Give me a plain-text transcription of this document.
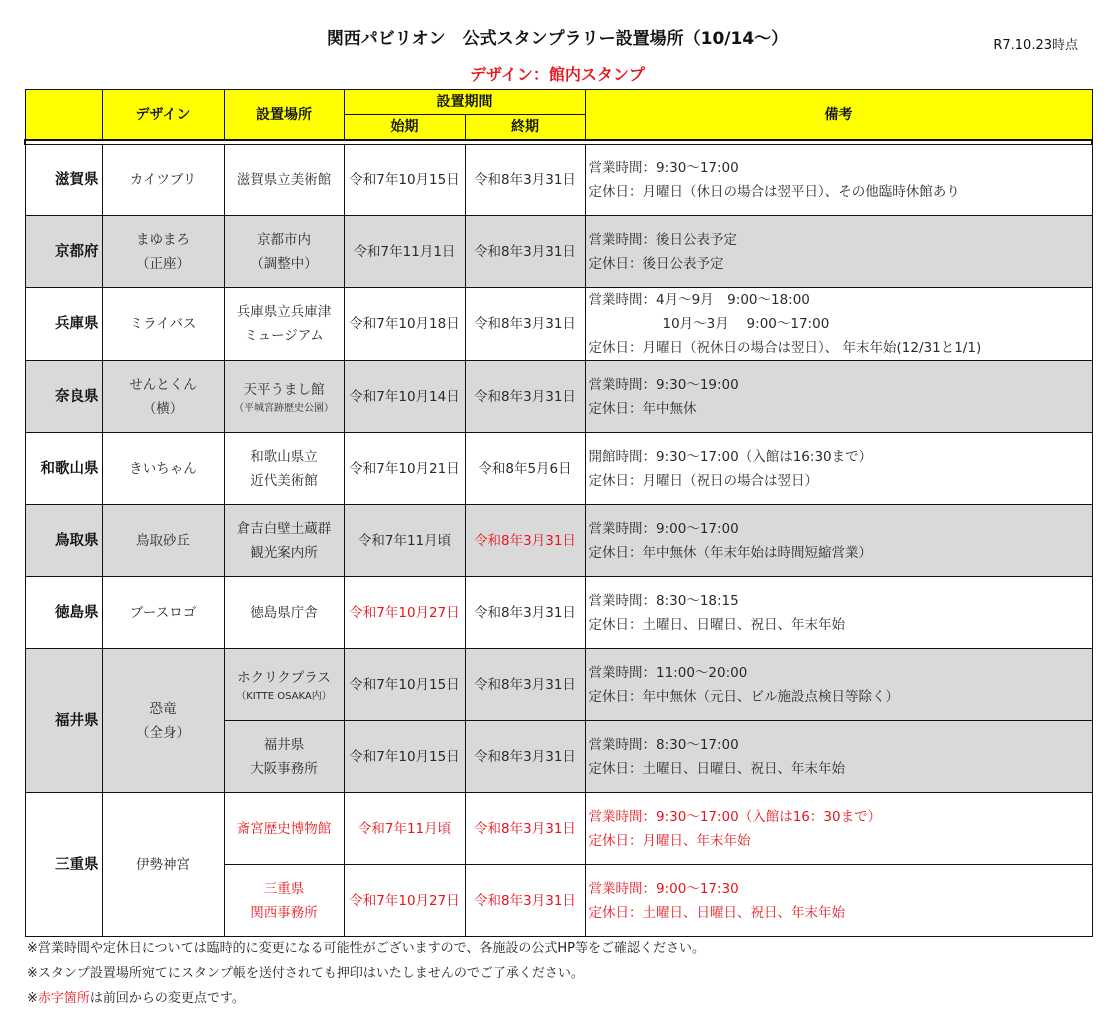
関西パビリオン　公式スタンプラリー設置場所（10/14～）	R7.10.23時点
デザイン：館内スタンプ
	デザイン	設置場所	設置期間		備考
			始期	終期	

滋賀県	カイツブリ	滋賀県立美術館	令和7年10月15日	令和8年3月31日	営業時間：9:30～17:00
定休日：月曜日（休日の場合は翌平日）、その他臨時休館あり

京都府	まゆまろ
（正座）	京都市内
（調整中）	令和7年11月1日	令和8年3月31日	営業時間：後日公表予定
定休日：後日公表予定

兵庫県	ミライバス	兵庫県立兵庫津
ミュージアム	令和7年10月18日	令和8年3月31日	営業時間：4月～9月　9:00～18:00
10月～3月　 9:00～17:00
定休日：月曜日（祝休日の場合は翌日）、 年末年始(12/31と1/1)

奈良県	せんとくん
（横）	天平うまし館
（平城宮跡歴史公園）	令和7年10月14日	令和8年3月31日	営業時間：9:30～19:00
定休日：年中無休

和歌山県	きいちゃん	和歌山県立
近代美術館	令和7年10月21日	令和8年5月6日	開館時間：9:30～17:00（入館は16:30まで）
定休日：月曜日（祝日の場合は翌日）

鳥取県	鳥取砂丘	倉吉白壁土蔵群
観光案内所	令和7年11月頃	令和8年3月31日	営業時間：9:00～17:00
定休日：年中無休（年末年始は時間短縮営業）

徳島県	ブースロゴ	徳島県庁舎	令和7年10月27日	令和8年3月31日	営業時間：8:30～18:15
定休日：土曜日、日曜日、祝日、年末年始

福井県	恐竜
（全身）	ホクリクプラス
（KITTE OSAKA内）	令和7年10月15日	令和8年3月31日	営業時間：11:00～20:00
定休日：年中無休（元日、ビル施設点検日等除く）

		福井県
大阪事務所	令和7年10月15日	令和8年3月31日	営業時間：8:30～17:00
定休日：土曜日、日曜日、祝日、年末年始

三重県	伊勢神宮	斎宮歴史博物館	令和7年11月頃	令和8年3月31日	営業時間：9:30～17:00（入館は16：30まで）
定休日：月曜日、年末年始

		三重県
関西事務所	令和7年10月27日	令和8年3月31日	営業時間：9:00～17:30
定休日：土曜日、日曜日、祝日、年末年始
※営業時間や定休日については臨時的に変更になる可能性がございますので、各施設の公式HP等をご確認ください。
※スタンプ設置場所宛てにスタンプ帳を送付されても押印はいたしませんのでご了承ください。
※赤字箇所は前回からの変更点です。
